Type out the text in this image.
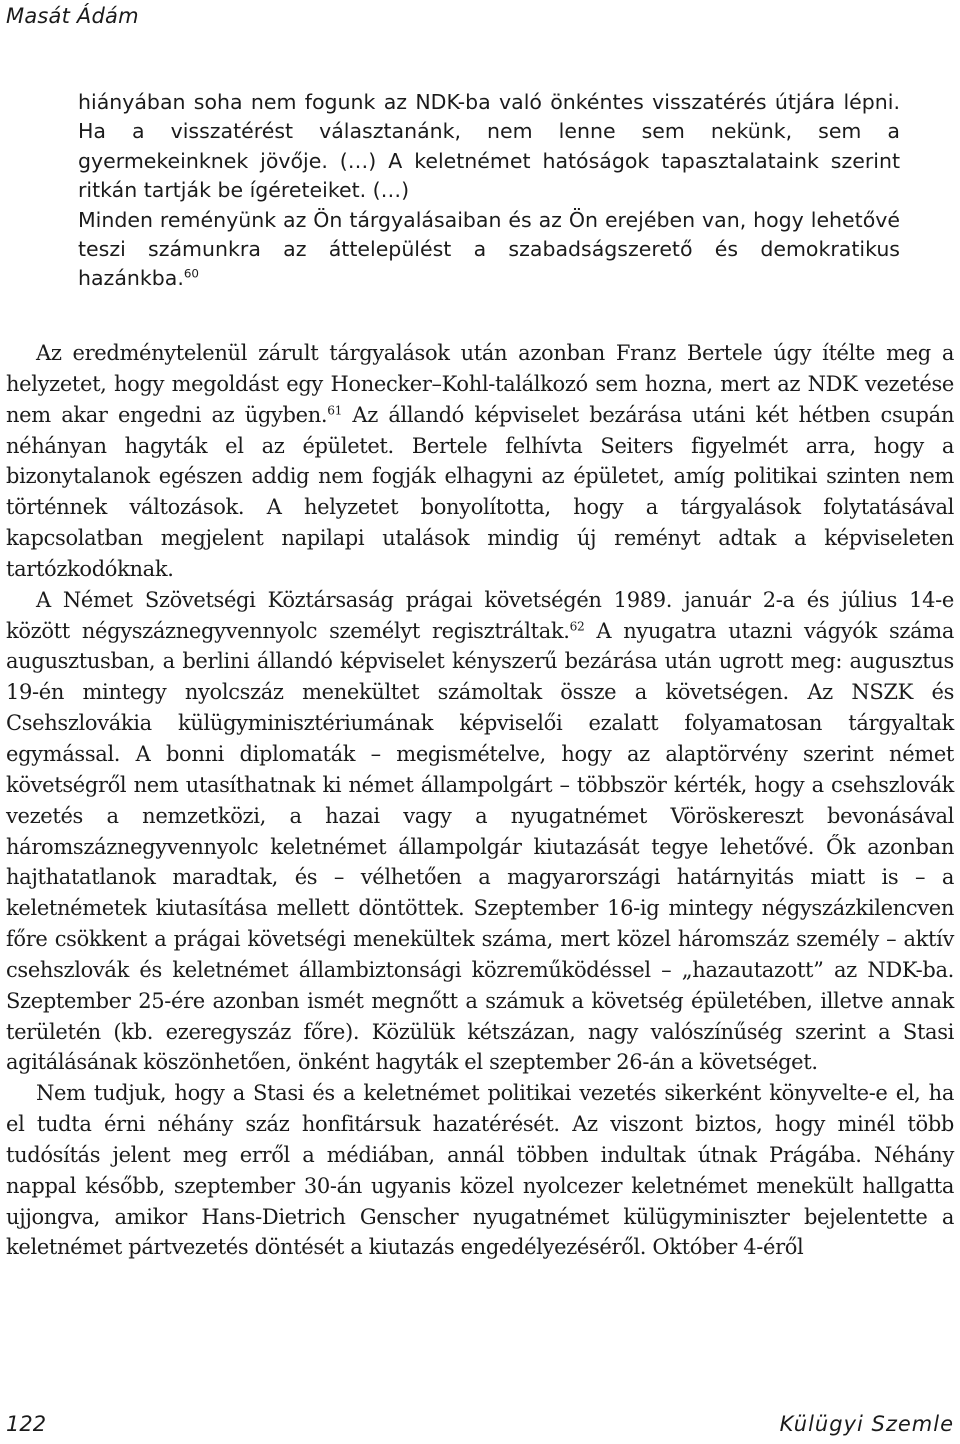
Masát Ádám

hiányában soha nem fogunk az NDK-ba való önkéntes visszatérés útjára lépni. Ha a visszatérést választanánk, nem lenne sem nekünk, sem a gyermekeinknek jövője. (…) A keletnémet hatóságok tapasztalataink szerint ritkán tartják be ígéreteiket. (…)

Minden reményünk az Ön tárgyalásaiban és az Ön erejében van, hogy lehetővé teszi számunkra az áttelepülést a szabadságszerető és demokratikus hazánkba.$^{60}$

Az eredménytelenül zárult tárgyalások után azonban Franz Bertele úgy ítélte meg a helyzetet, hogy megoldást egy Honecker–Kohl-találkozó sem hozna, mert az NDK vezetése nem akar engedni az ügyben.$^{61}$ Az állandó képviselet bezárása utáni két hétben csupán néhányan hagyták el az épületet. Bertele felhívta Seiters figyelmét arra, hogy a bizonytalanok egészen addig nem fogják elhagyni az épületet, amíg politikai szinten nem történnek változások. A helyzetet bonyolította, hogy a tárgyalások folytatásával kapcsolatban megjelent napilapi utalások mindig új reményt adtak a képviseleten tartózkodóknak.

A Német Szövetségi Köztársaság prágai követségén 1989. január 2-a és július 14-e között négyszáznegyvennyolc személyt regisztráltak.$^{62}$ A nyugatra utazni vágyók száma augusztusban, a berlini állandó képviselet kényszerű bezárása után ugrott meg: augusztus 19-én mintegy nyolcszáz menekültet számoltak össze a követségen. Az NSZK és Csehszlovákia külügyminisztériumának képviselői ezalatt folyamatosan tárgyaltak egymással. A bonni diplomaták – megismételve, hogy az alaptörvény szerint német követségről nem utasíthatnak ki német állampolgárt – többször kérték, hogy a csehszlovák vezetés a nemzetközi, a hazai vagy a nyugatnémet Vöröskereszt bevonásával háromszáznegyvennyolc keletnémet állampolgár kiutazását tegye lehetővé. Ők azonban hajthatatlanok maradtak, és – vélhetően a magyarországi határnyitás miatt is – a keletnémetek kiutasítása mellett döntöttek. Szeptember 16-ig mintegy négyszázkilencven főre csökkent a prágai követségi menekültek száma, mert közel háromszáz személy – aktív csehszlovák és keletnémet állambiztonsági közreműködéssel – „hazautazott” az NDK-ba. Szeptember 25-ére azonban ismét megnőtt a számuk a követség épületében, illetve annak területén (kb. ezeregyszáz főre). Közülük kétszázan, nagy valószínűség szerint a Stasi agitálásának köszönhetően, önként hagyták el szeptember 26-án a követséget.

Nem tudjuk, hogy a Stasi és a keletnémet politikai vezetés sikerként könyvelte-e el, ha el tudta érni néhány száz honfitársuk hazatérését. Az viszont biztos, hogy minél több tudósítás jelent meg erről a médiában, annál többen indultak útnak Prágába. Néhány nappal később, szeptember 30-án ugyanis közel nyolcezer keletnémet menekült hallgatta ujjongva, amikor Hans-Dietrich Genscher nyugatnémet külügyminiszter bejelentette a keletnémet pártvezetés döntését a kiutazás engedélyezéséről. Október 4-éről

122	Külügyi Szemle
